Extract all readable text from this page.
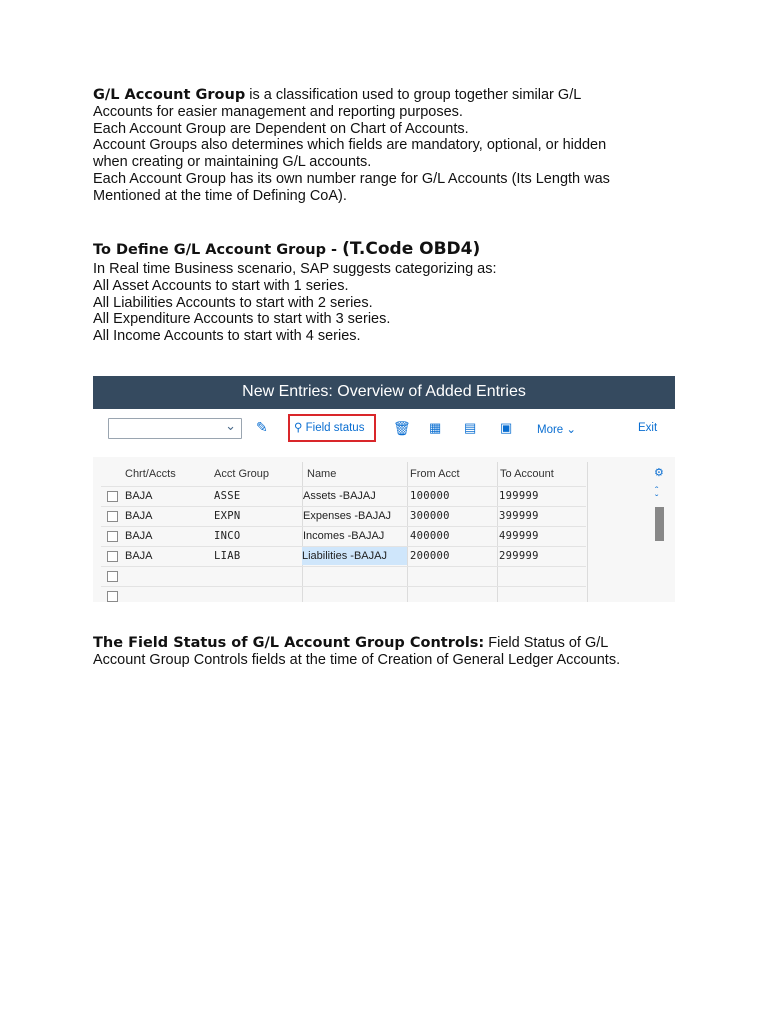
G/L Account Group is a classification used to group together similar G/L
Accounts for easier management and reporting purposes.
Each Account Group are Dependent on Chart of Accounts.
Account Groups also determines which fields are mandatory, optional, or hidden
when creating or maintaining G/L accounts.
Each Account Group has its own number range for G/L Accounts (Its Length was
Mentioned at the time of Defining CoA).
To Define G/L Account Group - (T.Code OBD4)
In Real time Business scenario, SAP suggests categorizing as:
All Asset Accounts to start with 1 series.
All Liabilities Accounts to start with 2 series.
All Expenditure Accounts to start with 3 series.
All Income Accounts to start with 4 series.
New Entries: Overview of Added Entries
⌄ ✎	⚲ Field status	🗑 ▦ ▤ ▣ More ⌄	Exit
Chrt/Accts	Acct Group	Name	From Acct	To Account	⚙
ˆ
ˇ
BAJA	ASSE	Assets -BAJAJ	100000	199999
BAJA	EXPN	Expenses -BAJAJ 300000	399999
BAJA	INCO	Incomes -BAJAJ 400000	499999
BAJA	LIAB	Liabilities -BAJAJ	200000	299999
The Field Status of G/L Account Group Controls: Field Status of G/L
Account Group Controls fields at the time of Creation of General Ledger Accounts.
